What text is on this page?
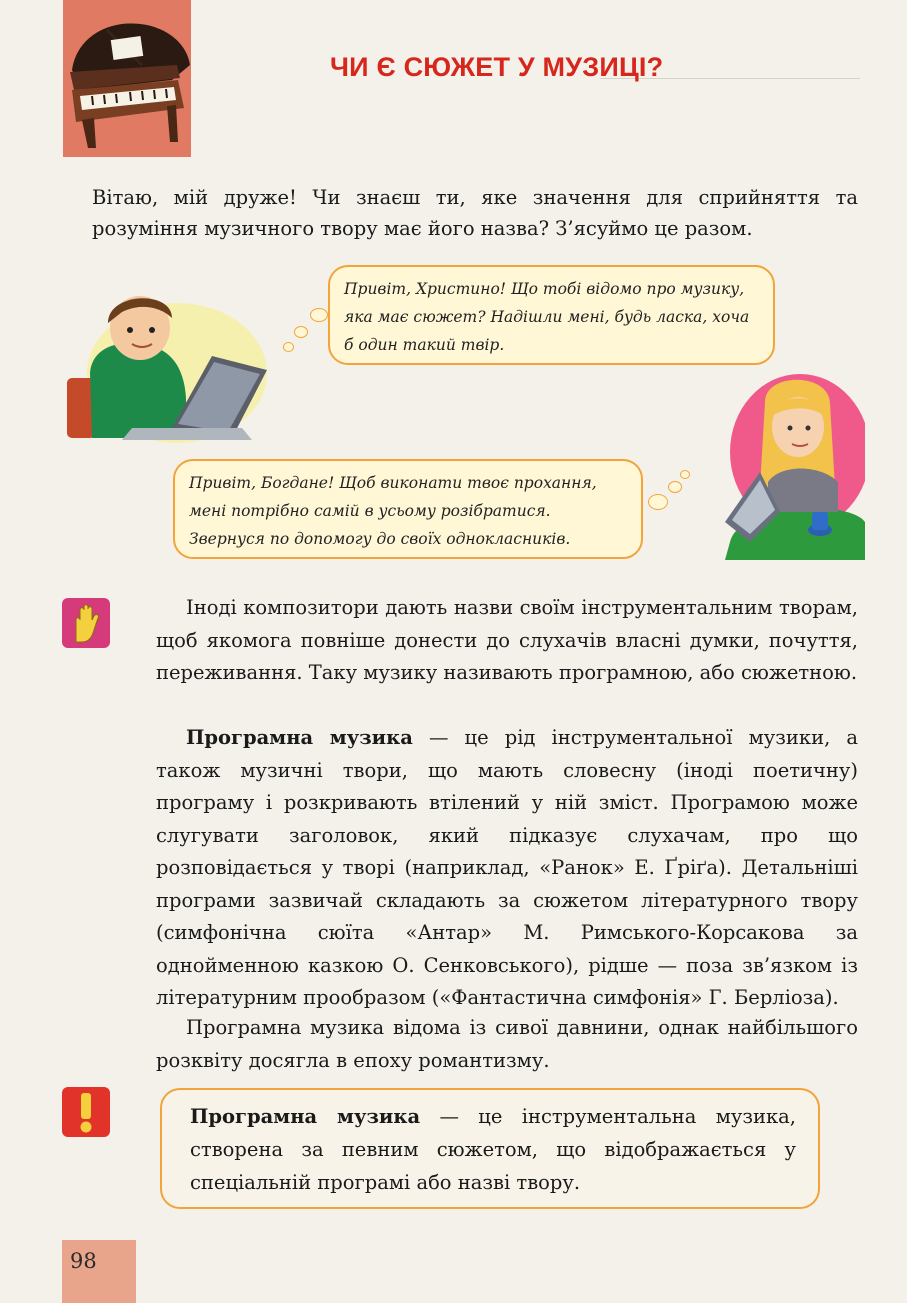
ЧИ Є СЮЖЕТ У МУЗИЦІ?
Вітаю, мій друже! Чи знаєш ти, яке значення для сприйняття та розуміння музичного твору має його назва? З’ясуймо це разом.
Привіт, Христино! Що тобі відомо про музику, яка має сюжет? Надішли мені, будь ласка, хоча б один такий твір.
Привіт, Богдане! Щоб виконати твоє прохання, мені потрібно самій в усьому розібратися. Звернуся по допомогу до своїх однокласників.
Іноді композитори дають назви своїм інструментальним творам, щоб якомога повніше донести до слухачів власні думки, почуття, переживання. Таку музику називають програмною, або сюжетною.
Програмна музика — це рід інструментальної музики, а також музичні твори, що мають словесну (іноді поетичну) програму і розкривають втілений у ній зміст. Програмою може слугувати заголовок, який підказує слухачам, про що розповідається у творі (наприклад, «Ранок» Е. Ґріґа). Детальніші програми зазвичай складають за сюжетом літературного твору (симфонічна сюїта «Антар» М. Римського-Корсакова за однойменною казкою О. Сенковського), рідше — поза зв’язком із літературним прообразом («Фантастична симфонія» Г. Берліоза).
Програмна музика відома із сивої давнини, однак найбільшого розквіту досягла в епоху романтизму.
Програмна музика — це інструментальна музика, створена за певним сюжетом, що відображається у спеціальній програмі або назві твору.
98
